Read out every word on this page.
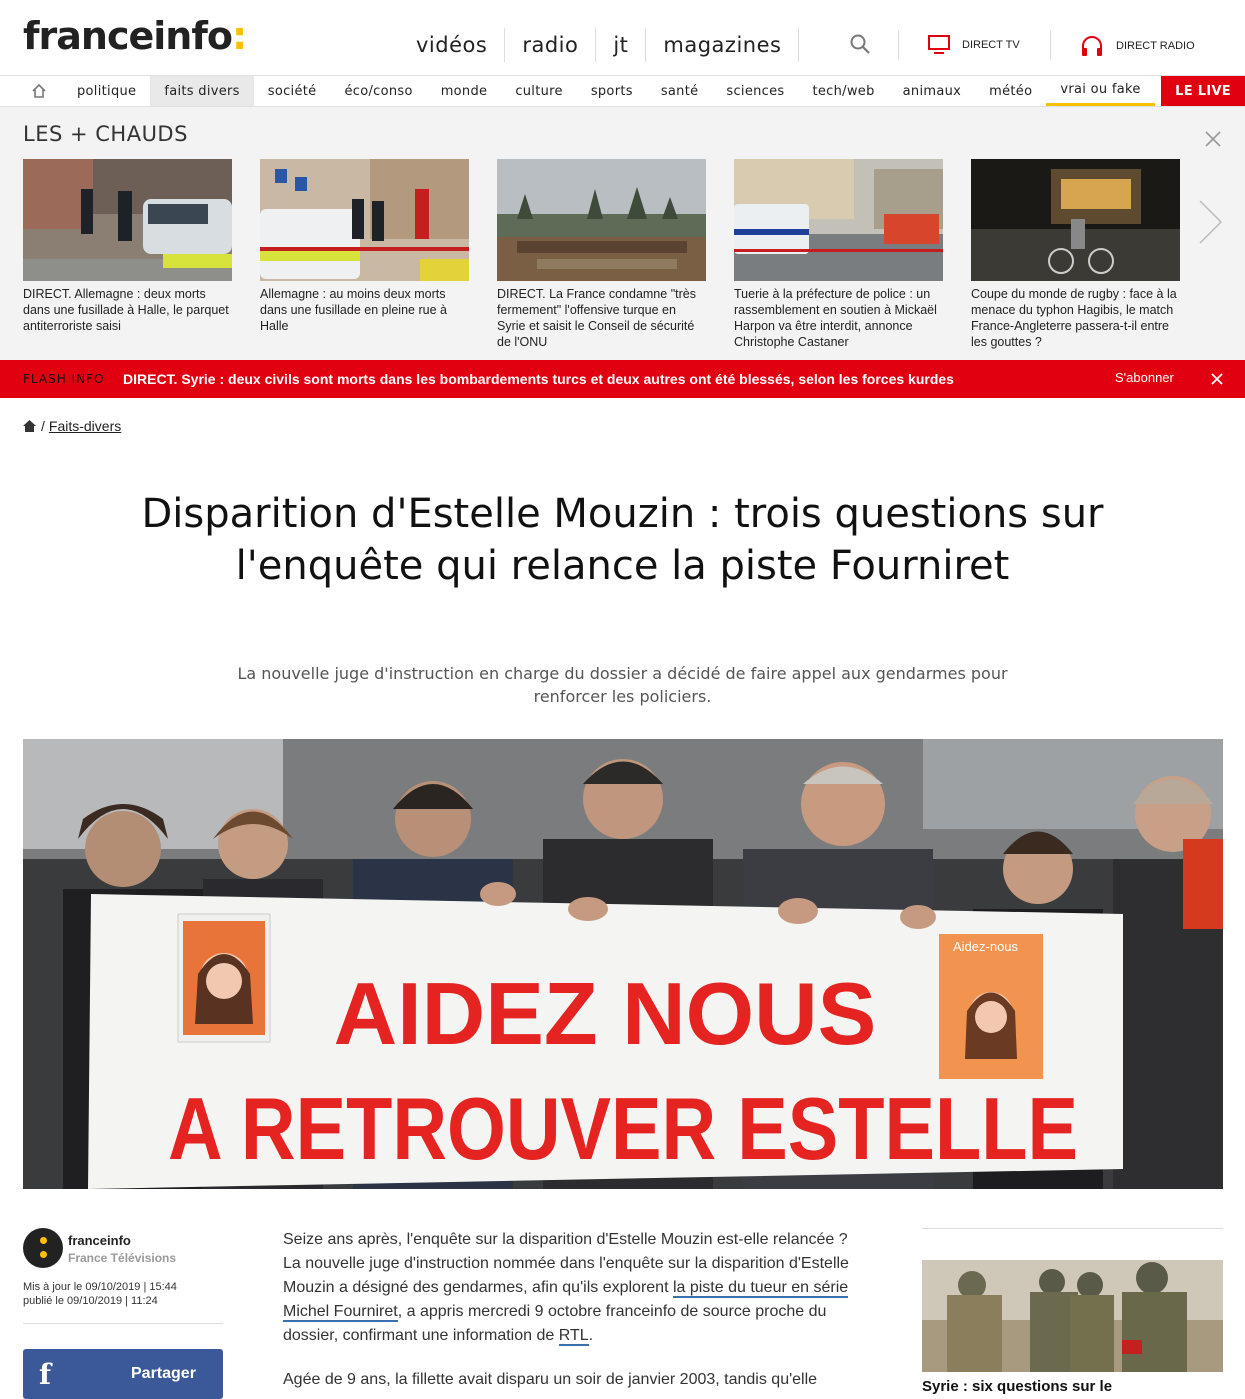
franceinfo:	vidéos	radio	jt	magazines	DIRECT TV	DIRECT RADIO
politique	faits divers	société	éco/conso	monde	culture	sports	santé	sciences	tech/web	animaux	météo	vrai ou fake	LE LIVE
LES + CHAUDS
DIRECT. Allemagne : deux morts dans une fusillade à Halle, le parquet antiterroriste saisi
Allemagne : au moins deux morts dans une fusillade en pleine rue à Halle
DIRECT. La France condamne "très fermement" l'offensive turque en Syrie et saisit le Conseil de sécurité de l'ONU
Tuerie à la préfecture de police : un rassemblement en soutien à Mickaël Harpon va être interdit, annonce Christophe Castaner
Coupe du monde de rugby : face à la menace du typhon Hagibis, le match France-Angleterre passera-t-il entre les gouttes ?
FLASH INFO DIRECT. Syrie : deux civils sont morts dans les bombardements turcs et deux autres ont été blessés, selon les forces kurdes	S'abonner
/ Faits-divers
Disparition d'Estelle Mouzin : trois questions sur l'enquête qui relance la piste Fourniret
La nouvelle juge d'instruction en charge du dossier a décidé de faire appel aux gendarmes pour renforcer les policiers.
Aidez-nous
AIDEZ NOUS
A RETROUVER ESTELLE
franceinfo
France Télévisions
Mis à jour le 09/10/2019 | 15:44
publié le 09/10/2019 | 11:24
f	Partager

Seize ans après, l'enquête sur la disparition d'Estelle Mouzin est-elle relancée ? La nouvelle juge d'instruction nommée dans l'enquête sur la disparition d'Estelle Mouzin a désigné des gendarmes, afin qu'ils explorent la piste du tueur en série Michel Fourniret, a appris mercredi 9 octobre franceinfo de source proche du dossier, confirmant une information de RTL.

Agée de 9 ans, la fillette avait disparu un soir de janvier 2003, tandis qu'elle	Syrie : six questions sur le
